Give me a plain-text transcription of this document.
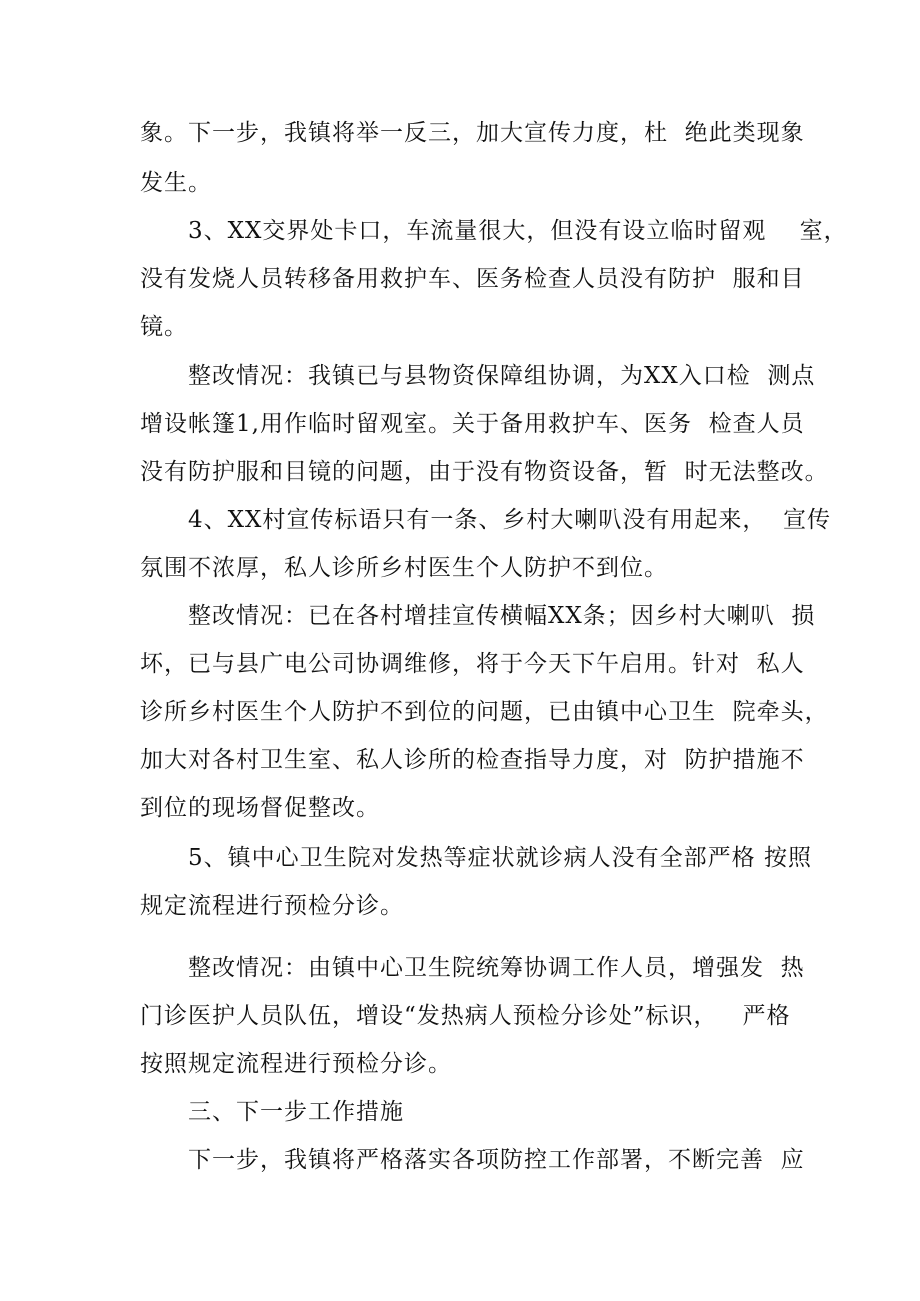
象。下一步，我镇将举一反三，加大宣传力度，杜  绝此类现象
发生。
3、XX交界处卡口，车流量很大，但没有设立临时留观    室，
没有发烧人员转移备用救护车、医务检查人员没有防护  服和目
镜。
整改情况：我镇已与县物资保障组协调，为XX入口检  测点
增设帐篷1,用作临时留观室。关于备用救护车、医务  检查人员
没有防护服和目镜的问题，由于没有物资设备，暂  时无法整改。
4、XX村宣传标语只有一条、乡村大喇叭没有用起来，  宣传
氛围不浓厚，私人诊所乡村医生个人防护不到位。
整改情况：已在各村增挂宣传横幅XX条；因乡村大喇叭  损
坏，已与县广电公司协调维修，将于今天下午启用。针对  私人
诊所乡村医生个人防护不到位的问题，已由镇中心卫生  院牵头，
加大对各村卫生室、私人诊所的检查指导力度，对  防护措施不
到位的现场督促整改。
5、镇中心卫生院对发热等症状就诊病人没有全部严格 按照
规定流程进行预检分诊。
整改情况：由镇中心卫生院统筹协调工作人员，增强发  热
门诊医护人员队伍，增设“发热病人预检分诊处”标识，   严格
按照规定流程进行预检分诊。
三、下一步工作措施
下一步，我镇将严格落实各项防控工作部署，不断完善  应
